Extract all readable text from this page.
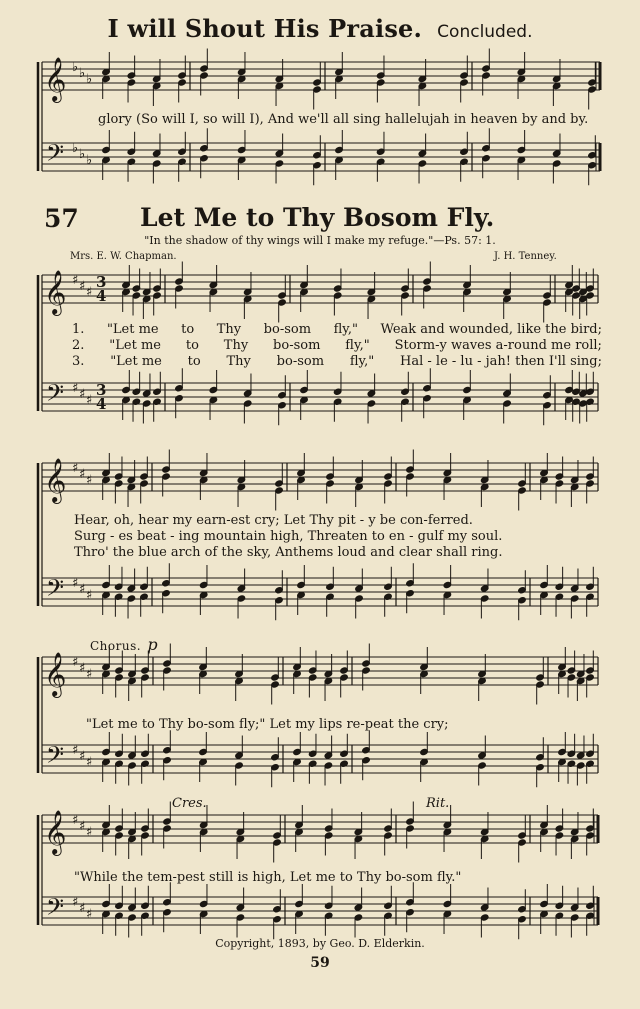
𝄞
𝄢
♭
♭
♭
♭
♭
♭
𝄞
𝄢
♯
♯
♯
♯
♯
♯
3
3
4
4
𝄞
𝄢
♯
♯
♯
♯
♯
♯
𝄞
𝄢
♯
♯
♯
♯
♯
♯
𝄞
𝄢
♯
♯
♯
♯
♯
♯
I will Shout His Praise. Concluded.
glory (So will I, so will I), And we'll all sing hallelujah in heaven by and by.
57 Let Me to Thy Bosom Fly.
"In the shadow of thy wings will I make my refuge."—Ps. 57: 1.
Mrs. E. W. Chapman.	J. H. Tenney.
1. "Let me to Thy bo-som fly," Weak and wounded, like the bird;
2. "Let me to Thy bo-som fly," Storm-y waves a-round me roll;
3. "Let me to Thy bo-som fly," Hal - le - lu - jah! then I'll sing;
Hear, oh, hear my earn-est cry; Let Thy pit - y be con-ferred.
Surg - es beat - ing mountain high, Threaten to en - gulf my soul.
Thro' the blue arch of the sky, Anthems loud and clear shall ring.
Chorus. p
"Let me to Thy bo-som fly;" Let my lips re-peat the cry;
Cres.	Rit.
"While the tem-pest still is high, Let me to Thy bo-som fly."
Copyright, 1893, by Geo. D. Elderkin.
59
